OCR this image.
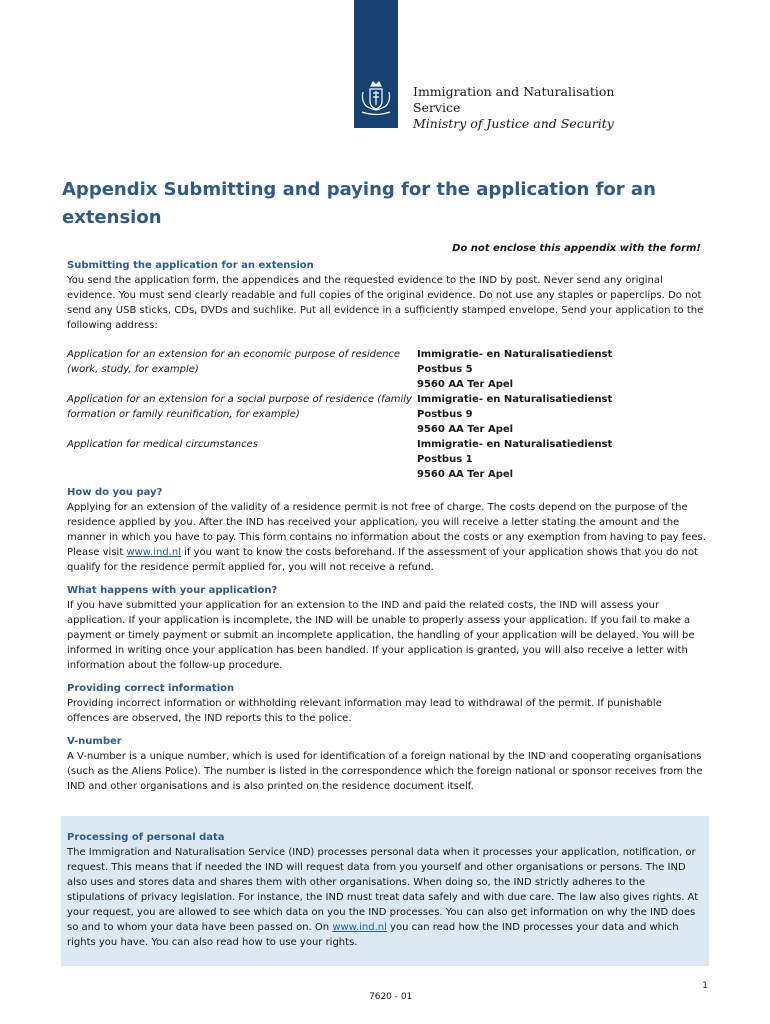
Immigration and Naturalisation
Service
Ministry of Justice and Security
Appendix Submitting and paying for the application for an extension

Do not enclose this appendix with the form!

Submitting the application for an extension

You send the application form, the appendices and the requested evidence to the IND by post. Never send any original evidence. You must send clearly readable and full copies of the original evidence. Do not use any staples or paperclips. Do not send any USB sticks, CDs, DVDs and suchlike. Put all evidence in a sufficiently stamped envelope. Send your application to the following address:

Application for an extension for an economic purpose of residence (work, study, for example)
Immigratie- en Naturalisatiedienst
Postbus 5
9560 AA Ter Apel
Application for an extension for a social purpose of residence (family formation or family reunification, for example)
Immigratie- en Naturalisatiedienst
Postbus 9
9560 AA Ter Apel
Application for medical circumstances	Immigratie- en Naturalisatiedienst
Postbus 1
9560 AA Ter Apel

How do you pay?

Applying for an extension of the validity of a residence permit is not free of charge. The costs depend on the purpose of the residence applied by you. After the IND has received your application, you will receive a letter stating the amount and the manner in which you have to pay. This form contains no information about the costs or any exemption from having to pay fees. Please visit www.ind.nl if you want to know the costs beforehand. If the assessment of your application shows that you do not qualify for the residence permit applied for, you will not receive a refund.

What happens with your application?

If you have submitted your application for an extension to the IND and paid the related costs, the IND will assess your application. If your application is incomplete, the IND will be unable to properly assess your application. If you fail to make a payment or timely payment or submit an incomplete application, the handling of your application will be delayed. You will be informed in writing once your application has been handled. If your application is granted, you will also receive a letter with information about the follow-up procedure.

Providing correct information

Providing incorrect information or withholding relevant information may lead to withdrawal of the permit. If punishable offences are observed, the IND reports this to the police.

V-number

A V-number is a unique number, which is used for identification of a foreign national by the IND and cooperating organisations (such as the Aliens Police). The number is listed in the correspondence which the foreign national or sponsor receives from the IND and other organisations and is also printed on the residence document itself.

Processing of personal data

The Immigration and Naturalisation Service (IND) processes personal data when it processes your application, notification, or request. This means that if needed the IND will request data from you yourself and other organisations or persons. The IND also uses and stores data and shares them with other organisations. When doing so, the IND strictly adheres to the stipulations of privacy legislation. For instance, the IND must treat data safely and with due care. The law also gives rights. At your request, you are allowed to see which data on you the IND processes. You can also get information on why the IND does so and to whom your data have been passed on. On www.ind.nl you can read how the IND processes your data and which rights you have. You can also read how to use your rights.

1
7620 - 01
